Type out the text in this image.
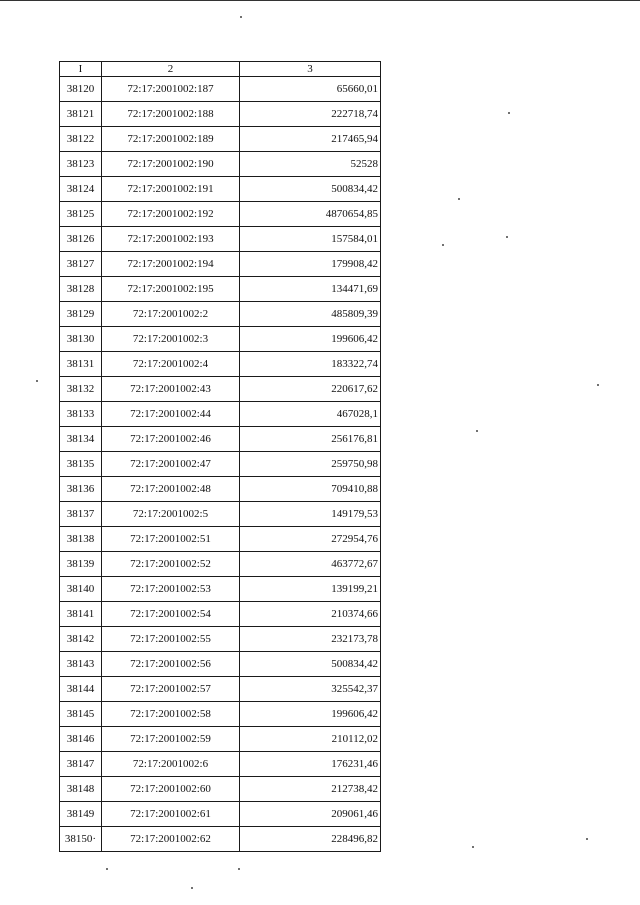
I	2	3
38120	72:17:2001002:187	65660,01
38121	72:17:2001002:188	222718,74
38122	72:17:2001002:189	217465,94
38123	72:17:2001002:190	52528
38124	72:17:2001002:191	500834,42
38125	72:17:2001002:192	4870654,85
38126	72:17:2001002:193	157584,01
38127	72:17:2001002:194	179908,42
38128	72:17:2001002:195	134471,69
38129	72:17:2001002:2	485809,39
38130	72:17:2001002:3	199606,42
38131	72:17:2001002:4	183322,74
38132	72:17:2001002:43	220617,62
38133	72:17:2001002:44	467028,1
38134	72:17:2001002:46	256176,81
38135	72:17:2001002:47	259750,98
38136	72:17:2001002:48	709410,88
38137	72:17:2001002:5	149179,53
38138	72:17:2001002:51	272954,76
38139	72:17:2001002:52	463772,67
38140	72:17:2001002:53	139199,21
38141	72:17:2001002:54	210374,66
38142	72:17:2001002:55	232173,78
38143	72:17:2001002:56	500834,42
38144	72:17:2001002:57	325542,37
38145	72:17:2001002:58	199606,42
38146	72:17:2001002:59	210112,02
38147	72:17:2001002:6	176231,46
38148	72:17:2001002:60	212738,42
38149	72:17:2001002:61	209061,46
38150·	72:17:2001002:62	228496,82
